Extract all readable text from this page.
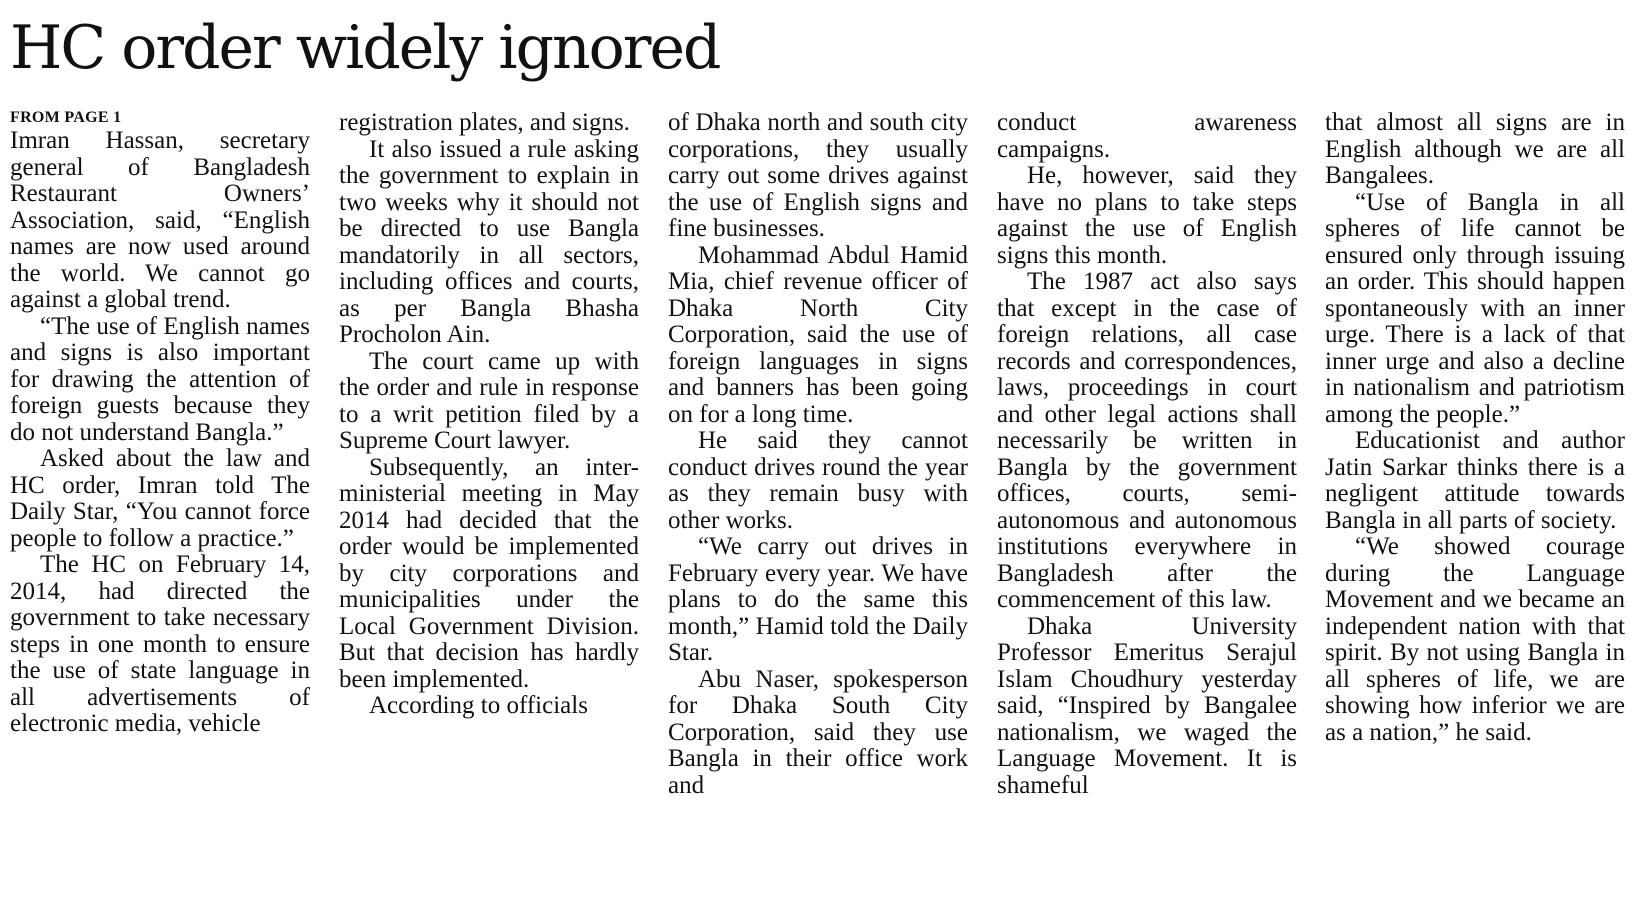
HC order widely ignored
FROM PAGE 1

Imran Hassan, secretary general of Bangladesh Restaurant Owners’ Association, said, “English names are now used around the world. We cannot go against a global trend.

“The use of English names and signs is also important for drawing the attention of foreign guests because they do not understand Bangla.”

Asked about the law and HC order, Imran told The Daily Star, “You cannot force people to follow a practice.”

The HC on February 14, 2014, had directed the government to take necessary steps in one month to ensure the use of state language in all advertisements of electronic media, vehicle

registration plates, and signs.

It also issued a rule asking the government to explain in two weeks why it should not be directed to use Bangla mandatorily in all sectors, including offices and courts, as per Bangla Bhasha Procholon Ain.

The court came up with the order and rule in response to a writ petition filed by a Supreme Court lawyer.

Subsequently, an inter-ministerial meeting in May 2014 had decided that the order would be implemented by city corporations and municipalities under the Local Government Division. But that decision has hardly been implemented.

According to officials

of Dhaka north and south city corporations, they usually carry out some drives against the use of English signs and fine businesses.

Mohammad Abdul Hamid Mia, chief revenue officer of Dhaka North City Corporation, said the use of foreign languages in signs and banners has been going on for a long time.

He said they cannot conduct drives round the year as they remain busy with other works.

“We carry out drives in February every year. We have plans to do the same this month,” Hamid told the Daily Star.

Abu Naser, spokesperson for Dhaka South City Corporation, said they use Bangla in their office work and

conduct awareness campaigns.

He, however, said they have no plans to take steps against the use of English signs this month.

The 1987 act also says that except in the case of foreign relations, all case records and correspondences, laws, proceedings in court and other legal actions shall necessarily be written in Bangla by the government offices, courts, semi-autonomous and autonomous institutions everywhere in Bangladesh after the commencement of this law.

Dhaka University Professor Emeritus Serajul Islam Choudhury yesterday said, “Inspired by Bangalee nationalism, we waged the Language Movement. It is shameful

that almost all signs are in English although we are all Bangalees.

“Use of Bangla in all spheres of life cannot be ensured only through issuing an order. This should happen spontaneously with an inner urge. There is a lack of that inner urge and also a decline in nationalism and patriotism among the people.”

Educationist and author Jatin Sarkar thinks there is a negligent attitude towards Bangla in all parts of society.

“We showed courage during the Language Movement and we became an independent nation with that spirit. By not using Bangla in all spheres of life, we are showing how inferior we are as a nation,” he said.
